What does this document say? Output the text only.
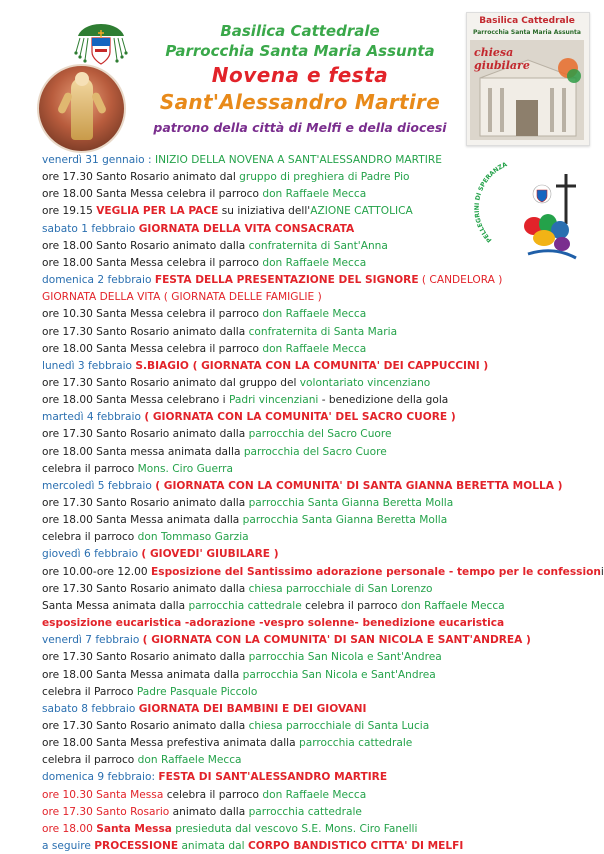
Basilica Cattedrale
Parrocchia Santa Maria Assunta
Novena e festa
Sant'Alessandro Martire
patrono della città di Melfi e della diocesi
Basilica Cattedrale
Parrocchia Santa Maria Assunta
chiesa
giubilare
PELLEGRINI DI SPERANZA
venerdì 31 gennaio : INIZIO DELLA NOVENA A SANT'ALESSANDRO MARTIRE
ore 17.30 Santo Rosario animato dal gruppo di preghiera di Padre Pio
ore 18.00 Santa Messa celebra il parroco don Raffaele Mecca
ore 19.15 VEGLIA PER LA PACE su iniziativa dell'AZIONE CATTOLICA
sabato 1 febbraio GIORNATA DELLA VITA CONSACRATA
ore 18.00 Santo Rosario animato dalla confraternita di Sant'Anna
ore 18.00 Santa Messa celebra il parroco don Raffaele Mecca
domenica 2 febbraio FESTA DELLA PRESENTAZIONE DEL SIGNORE ( CANDELORA )
GIORNATA DELLA VITA ( GIORNATA DELLE FAMIGLIE )
ore 10.30 Santa Messa celebra il parroco don Raffaele Mecca
ore 17.30 Santo Rosario animato dalla confraternita di Santa Maria
ore 18.00 Santa Messa celebra il parroco don Raffaele Mecca
lunedì 3 febbraio S.BIAGIO ( GIORNATA CON LA COMUNITA' DEI CAPPUCCINI )
ore 17.30 Santo Rosario animato dal gruppo del volontariato vincenziano
ore 18.00 Santa Messa celebrano i Padri vincenziani - benedizione della gola
martedì 4 febbraio ( GIORNATA CON LA COMUNITA' DEL SACRO CUORE )
ore 17.30 Santo Rosario animato dalla parrocchia del Sacro Cuore
ore 18.00 Santa messa animata dalla parrocchia del Sacro Cuore
celebra il parroco Mons. Ciro Guerra
mercoledì 5 febbraio ( GIORNATA CON LA COMUNITA' DI SANTA GIANNA BERETTA MOLLA )
ore 17.30 Santo Rosario animato dalla parrocchia Santa Gianna Beretta Molla
ore 18.00 Santa Messa animata dalla parrocchia Santa Gianna Beretta Molla
celebra il parroco don Tommaso Garzia
giovedì 6 febbraio ( GIOVEDI' GIUBILARE )
ore 10.00-ore 12.00 Esposizione del Santissimo adorazione personale - tempo per le confessioni
ore 17.30 Santo Rosario animato dalla chiesa parrocchiale di San Lorenzo
Santa Messa animata dalla parrocchia cattedrale celebra il parroco don Raffaele Mecca
esposizione eucaristica -adorazione -vespro solenne- benedizione eucaristica
venerdì 7 febbraio ( GIORNATA CON LA COMUNITA' DI SAN NICOLA E SANT'ANDREA )
ore 17.30 Santo Rosario animato dalla parrocchia San Nicola e Sant'Andrea
ore 18.00 Santa Messa animata dalla parrocchia San Nicola e Sant'Andrea
celebra il Parroco Padre Pasquale Piccolo
sabato 8 febbraio GIORNATA DEI BAMBINI E DEI GIOVANI
ore 17.30 Santo Rosario animato dalla chiesa parrocchiale di Santa Lucia
ore 18.00 Santa Messa prefestiva animata dalla parrocchia cattedrale
celebra il parroco don Raffaele Mecca
domenica 9 febbraio: FESTA DI SANT'ALESSANDRO MARTIRE
ore 10.30 Santa Messa celebra il parroco don Raffaele Mecca
ore 17.30 Santo Rosario animato dalla parrocchia cattedrale
ore 18.00 Santa Messa presieduta dal vescovo S.E. Mons. Ciro Fanelli
a seguire PROCESSIONE animata dal CORPO BANDISTICO CITTA' DI MELFI
